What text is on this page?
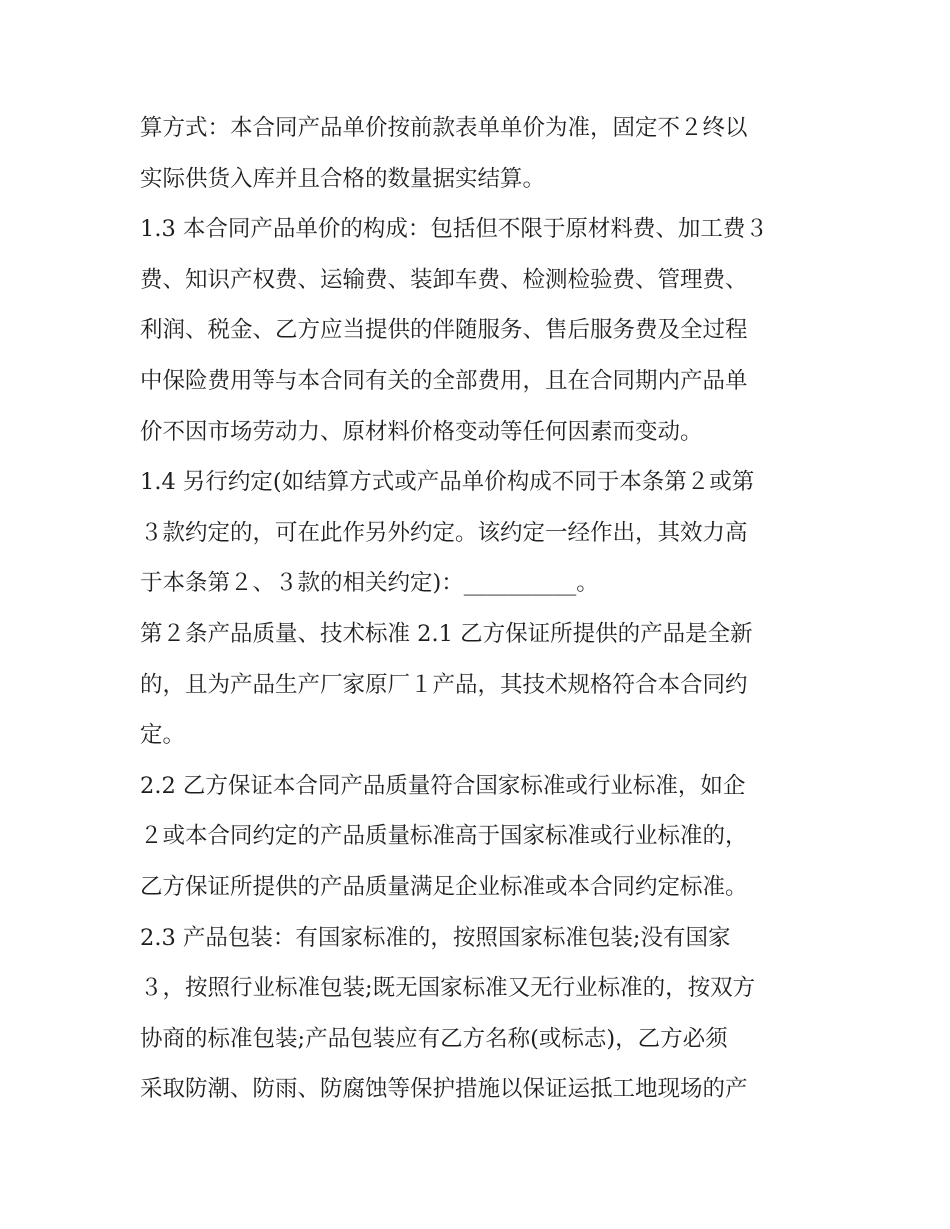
算方式：本合同产品单价按前款表单单价为准，固定不２终以
实际供货入库并且合格的数量据实结算。
1.3 本合同产品单价的构成：包括但不限于原材料费、加工费３
费、知识产权费、运输费、装卸车费、检测检验费、管理费、
利润、税金、乙方应当提供的伴随服务、售后服务费及全过程
中保险费用等与本合同有关的全部费用，且在合同期内产品单
价不因市场劳动力、原材料价格变动等任何因素而变动。
1.4 另行约定(如结算方式或产品单价构成不同于本条第２或第
３款约定的，可在此作另外约定。该约定一经作出，其效力高
于本条第２、３款的相关约定)：__________。
第２条产品质量、技术标准 2.1 乙方保证所提供的产品是全新
的，且为产品生产厂家原厂１产品，其技术规格符合本合同约
定。
2.2 乙方保证本合同产品质量符合国家标准或行业标准，如企
２或本合同约定的产品质量标准高于国家标准或行业标准的，
乙方保证所提供的产品质量满足企业标准或本合同约定标准。
2.3 产品包装：有国家标准的，按照国家标准包装;没有国家
３，按照行业标准包装;既无国家标准又无行业标准的，按双方
协商的标准包装;产品包装应有乙方名称(或标志)，乙方必须
采取防潮、防雨、防腐蚀等保护措施以保证运抵工地现场的产
